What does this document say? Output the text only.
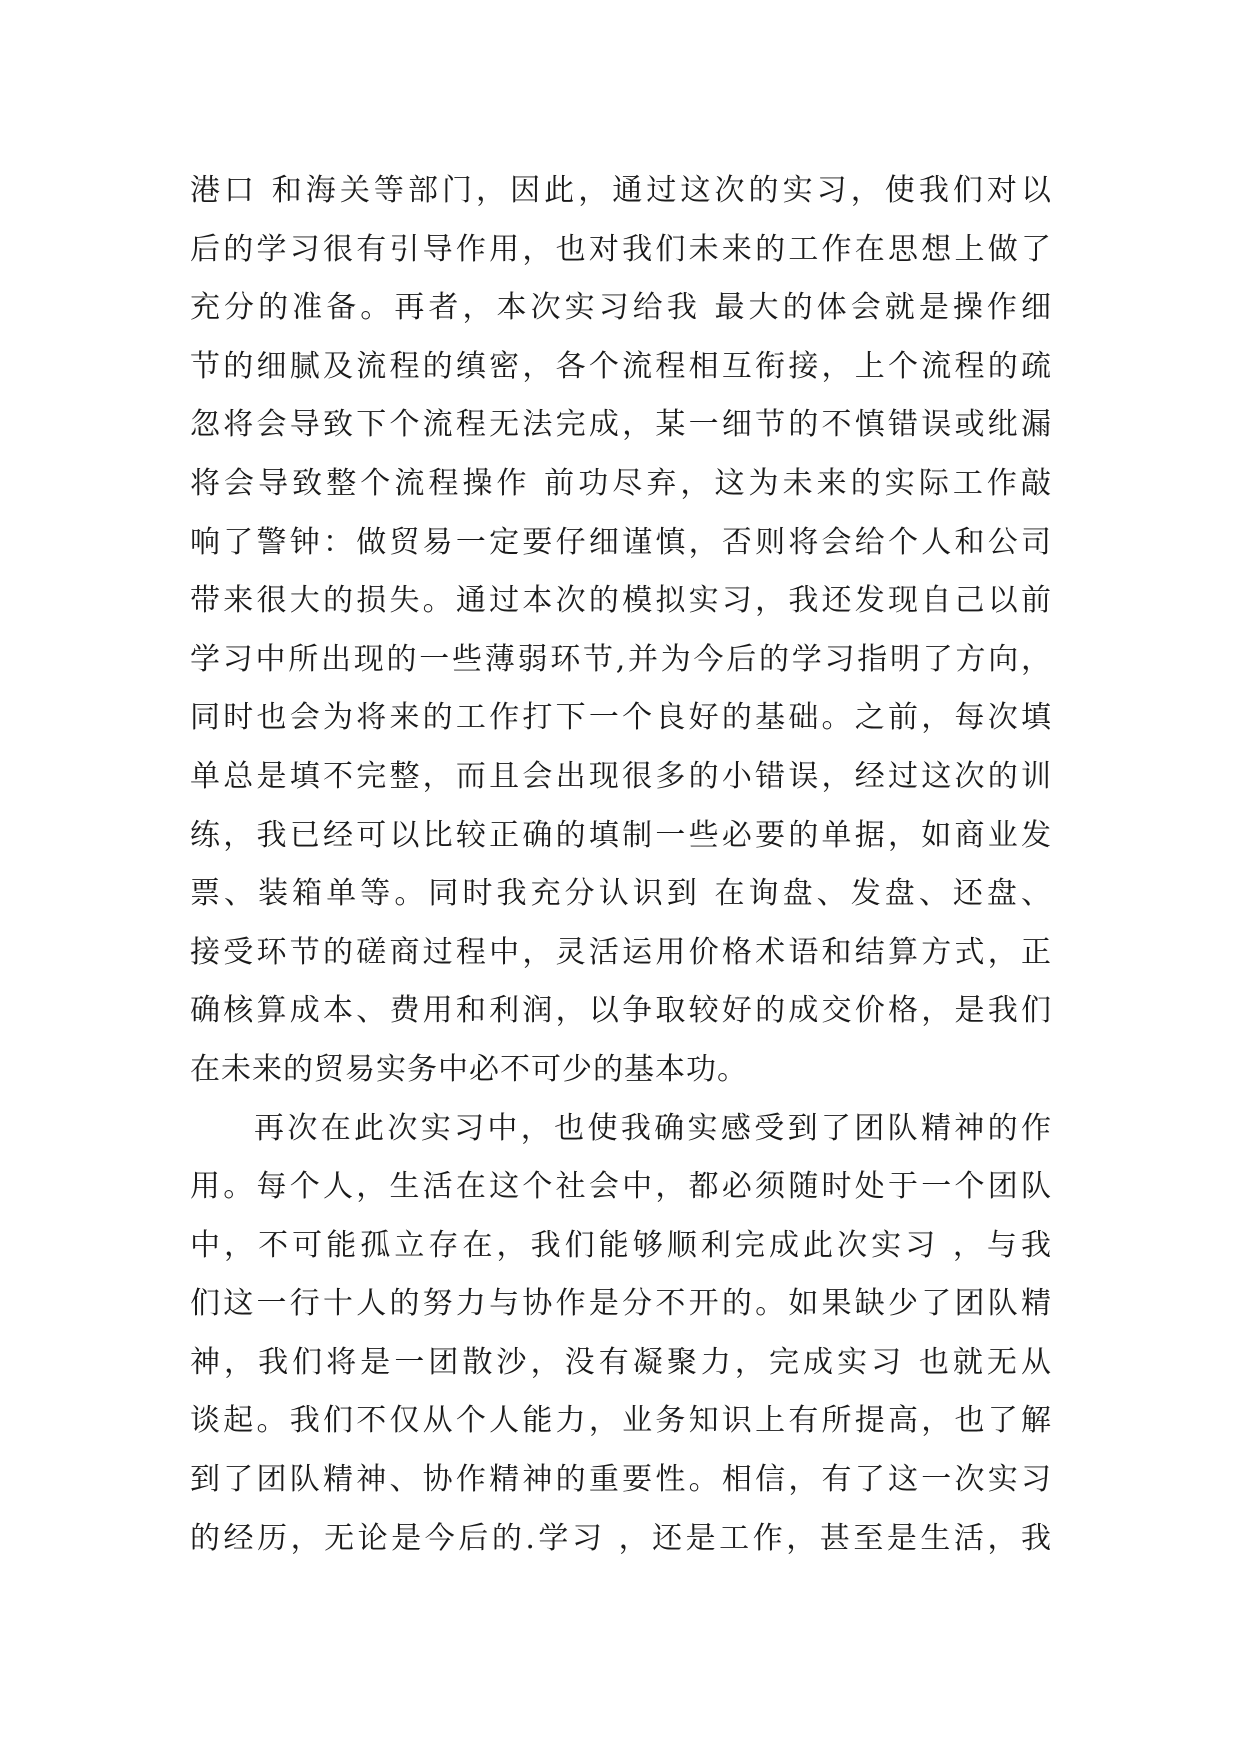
港口 和海关等部门，因此，通过这次的实习，使我们对以
后的学习很有引导作用，也对我们未来的工作在思想上做了
充分的准备。再者，本次实习给我 最大的体会就是操作细
节的细腻及流程的缜密，各个流程相互衔接，上个流程的疏
忽将会导致下个流程无法完成，某一细节的不慎错误或纰漏
将会导致整个流程操作 前功尽弃，这为未来的实际工作敲
响了警钟：做贸易一定要仔细谨慎，否则将会给个人和公司
带来很大的损失。通过本次的模拟实习，我还发现自己以前
学习中所出现的一些薄弱环节,并为今后的学习指明了方向，
同时也会为将来的工作打下一个良好的基础。之前，每次填
单总是填不完整，而且会出现很多的小错误，经过这次的训
练，我已经可以比较正确的填制一些必要的单据，如商业发
票、装箱单等。同时我充分认识到 在询盘、发盘、还盘、
接受环节的磋商过程中，灵活运用价格术语和结算方式，正
确核算成本、费用和利润，以争取较好的成交价格，是我们
在未来的贸易实务中必不可少的基本功。
再次在此次实习中，也使我确实感受到了团队精神的作
用。每个人，生活在这个社会中，都必须随时处于一个团队
中，不可能孤立存在，我们能够顺利完成此次实习 ，与我
们这一行十人的努力与协作是分不开的。如果缺少了团队精
神，我们将是一团散沙，没有凝聚力，完成实习 也就无从
谈起。我们不仅从个人能力，业务知识上有所提高，也了解
到了团队精神、协作精神的重要性。相信，有了这一次实习
的经历，无论是今后的.学习 ，还是工作，甚至是生活，我
